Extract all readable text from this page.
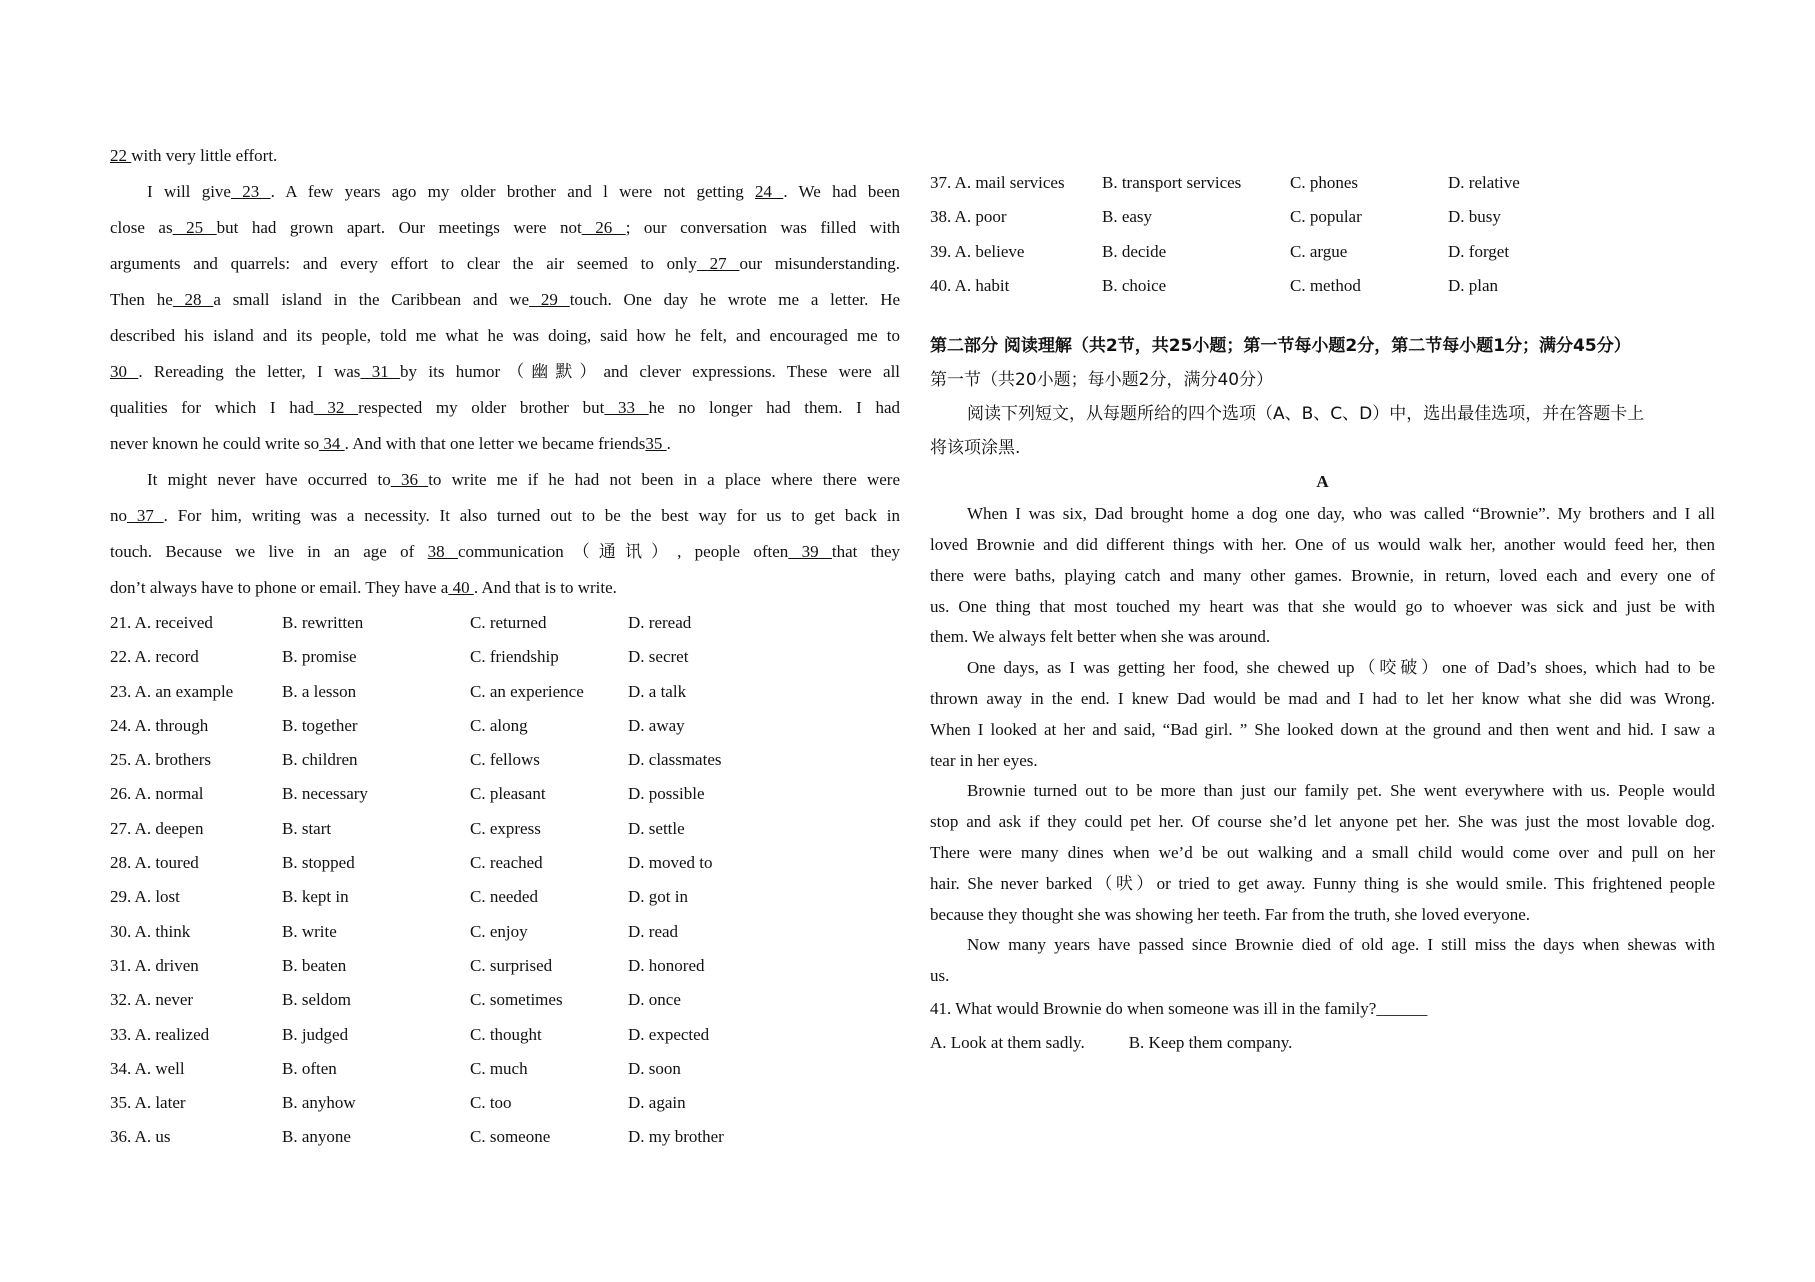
22 with very little effort.
I will give 23 . A few years ago my older brother and l were not getting 24 . We had been
close as 25 but had grown apart. Our meetings were not 26 ; our conversation was filled with
arguments and quarrels: and every effort to clear the air seemed to only 27 our misunderstanding.
Then he 28 a small island in the Caribbean and we 29 touch. One day he wrote me a letter. He
described his island and its people, told me what he was doing, said how he felt, and encouraged me to
30 . Rereading the letter, I was 31 by its humor（幽默）and clever expressions. These were all
qualities for which I had 32 respected my older brother but 33 he no longer had them. I had
never known he could write so 34 . And with that one letter we became friends35 .
It might never have occurred to 36 to write me if he had not been in a place where there were
no 37 . For him, writing was a necessity. It also turned out to be the best way for us to get back in
touch. Because we live in an age of 38 communication（通讯）, people often 39 that they
don’t always have to phone or email. They have a 40 . And that is to write.
21. A. received	B. rewritten	C. returned	D. reread
22. A. record	B. promise	C. friendship	D. secret
23. A. an example	B. a lesson	C. an experience	D. a talk
24. A. through	B. together	C. along	D. away
25. A. brothers	B. children	C. fellows	D. classmates
26. A. normal	B. necessary	C. pleasant	D. possible
27. A. deepen	B. start	C. express	D. settle
28. A. toured	B. stopped	C. reached	D. moved to
29. A. lost	B. kept in	C. needed	D. got in
30. A. think	B. write	C. enjoy	D. read
31. A. driven	B. beaten	C. surprised	D. honored
32. A. never	B. seldom	C. sometimes	D. once
33. A. realized	B. judged	C. thought	D. expected
34. A. well	B. often	C. much	D. soon
35. A. later	B. anyhow	C. too	D. again
36. A. us	B. anyone	C. someone	D. my brother
37. A. mail services	B. transport services	C. phones	D. relative
38. A. poor	B. easy	C. popular	D. busy
39. A. believe	B. decide	C. argue	D. forget
40. A. habit	B. choice	C. method	D. plan
第二部分 阅读理解（共2节，共25小题；第一节每小题2分，第二节每小题1分；满分45分）
第一节（共20小题；每小题2分，满分40分）
阅读下列短文，从每题所给的四个选项（A、B、C、D）中，选出最佳选项，并在答题卡上
将该项涂黑.
A
When I was six, Dad brought home a dog one day, who was called “Brownie”. My brothers and I all
loved Brownie and did different things with her. One of us would walk her, another would feed her, then
there were baths, playing catch and many other games. Brownie, in return, loved each and every one of
us. One thing that most touched my heart was that she would go to whoever was sick and just be with
them. We always felt better when she was around.
One days, as I was getting her food, she chewed up（咬破）one of Dad’s shoes, which had to be
thrown away in the end. I knew Dad would be mad and I had to let her know what she did was Wrong.
When I looked at her and said, “Bad girl. ” She looked down at the ground and then went and hid. I saw a
tear in her eyes.
Brownie turned out to be more than just our family pet. She went everywhere with us. People would
stop and ask if they could pet her. Of course she’d let anyone pet her. She was just the most lovable dog.
There were many dines when we’d be out walking and a small child would come over and pull on her
hair. She never barked（吠）or tried to get away. Funny thing is she would smile. This frightened people
because they thought she was showing her teeth. Far from the truth, she loved everyone.
Now many years have passed since Brownie died of old age. I still miss the days when shewas with
us.
41. What would Brownie do when someone was ill in the family?______
A. Look at them sadly.	B. Keep them company.
